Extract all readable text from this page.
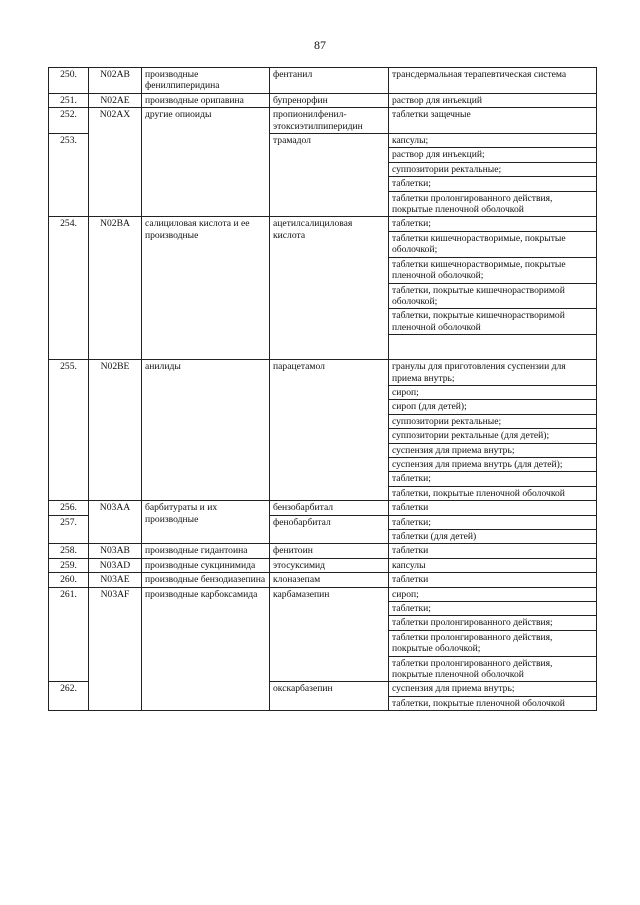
87
250.	N02AB	производные фенилпиперидина	фентанил	трансдермальная терапевтическая система
251.	N02AE	производные орипавина	бупренорфин	раствор для инъекций
252.	N02AX	другие опиоиды	пропионилфенил-этоксиэтилпиперидин	таблетки защечные
253.			трамадол	капсулы;
				раствор для инъекций;
				суппозитории ректальные;
				таблетки;
				таблетки пролонгированного действия, покрытые пленочной оболочкой
254.	N02BA	салициловая кислота и ее производные	ацетилсалициловая кислота	таблетки;
				таблетки кишечнорастворимые, покрытые оболочкой;
				таблетки кишечнорастворимые, покрытые пленочной оболочкой;
				таблетки, покрытые кишечнорастворимой оболочкой;
				таблетки, покрытые кишечнорастворимой пленочной оболочкой

255.	N02BE	анилиды	парацетамол	гранулы для приготовления суспензии для приема внутрь;
				сироп;
				сироп (для детей);
				суппозитории ректальные;
				суппозитории ректальные (для детей);
				суспензия для приема внутрь;
				суспензия для приема внутрь (для детей);
				таблетки;
				таблетки, покрытые пленочной оболочкой
256.	N03AA	барбитураты и их производные	бензобарбитал	таблетки
257.			фенобарбитал	таблетки;
				таблетки (для детей)
258.	N03AB	производные гидантоина	фенитоин	таблетки
259.	N03AD	производные сукцинимида	этосуксимид	капсулы
260.	N03AE	производные бензодиазепина	клоназепам	таблетки
261.	N03AF	производные карбоксамида	карбамазепин	сироп;
				таблетки;
				таблетки пролонгированного действия;
				таблетки пролонгированного действия, покрытые оболочкой;
				таблетки пролонгированного действия, покрытые пленочной оболочкой
262.			окскарбазепин	суспензия для приема внутрь;
				таблетки, покрытые пленочной оболочкой
